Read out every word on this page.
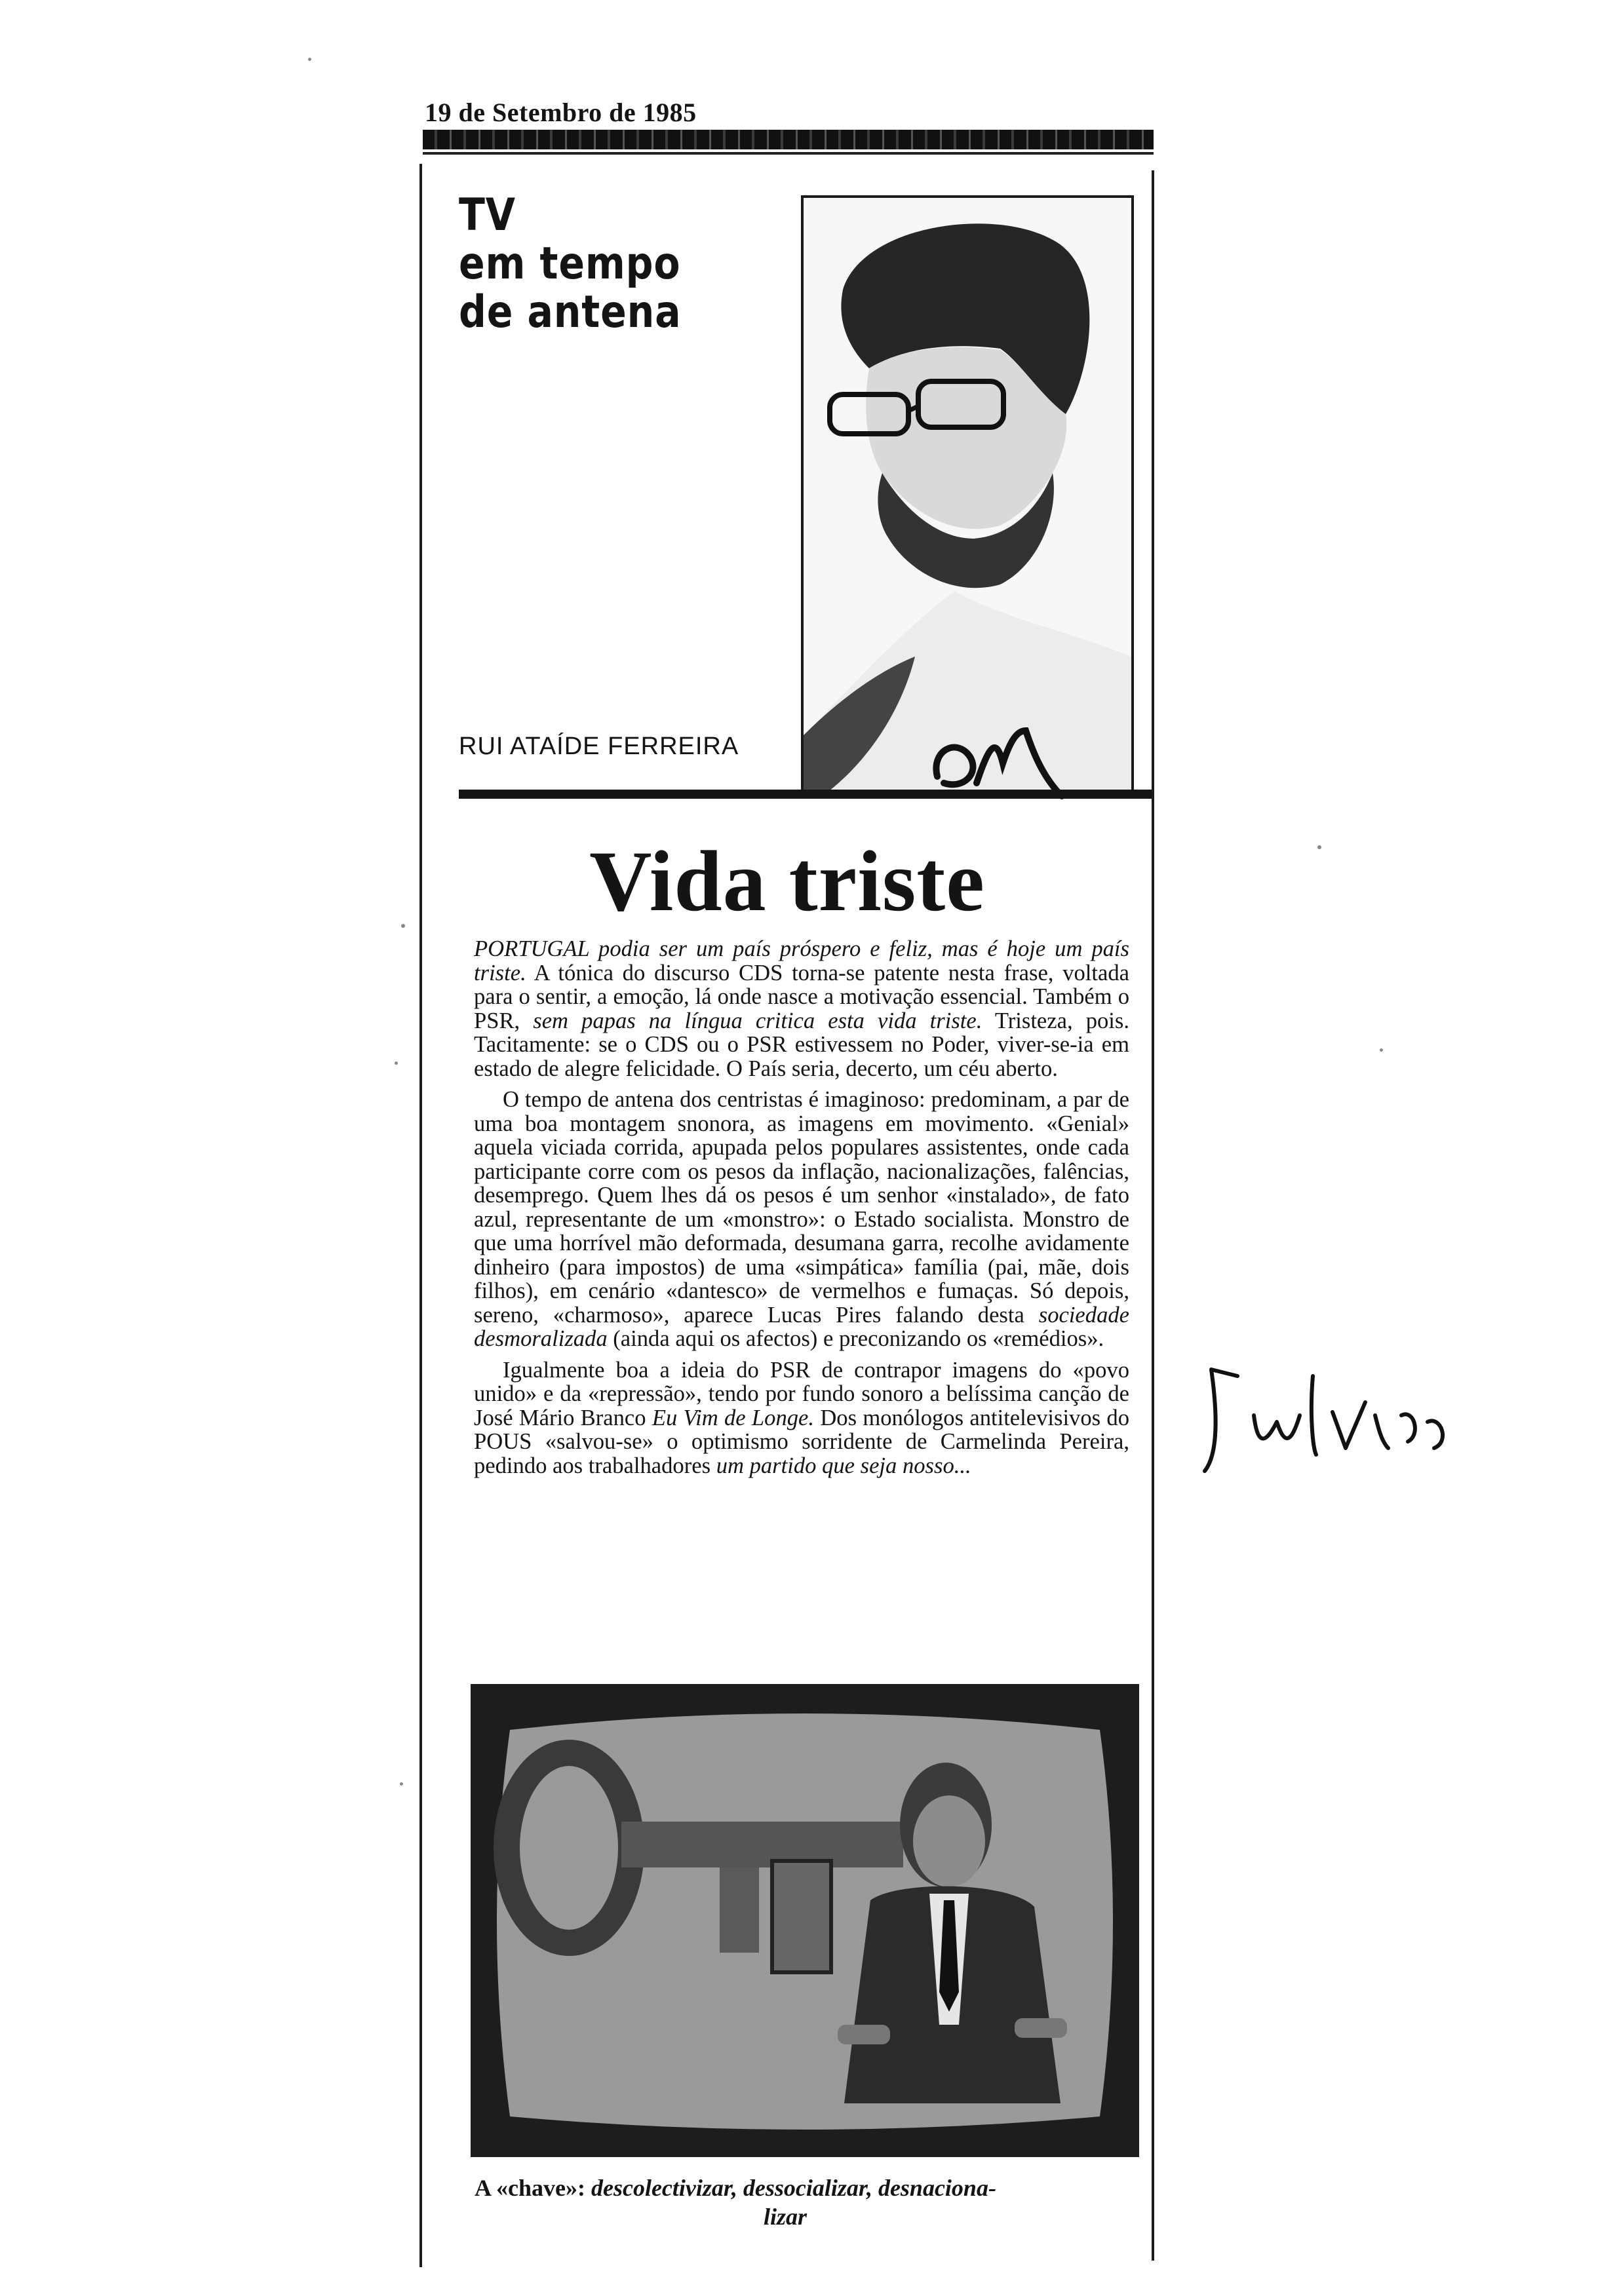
19 de Setembro de 1985
TV
em tempo
de antena
RUI ATAÍDE FERREIRA
Vida triste

PORTUGAL podia ser um país próspero e feliz, mas é hoje um país triste. A tónica do discurso CDS torna-se patente nesta frase, voltada para o sentir, a emoção, lá onde nasce a motivação essencial. Também o PSR, sem papas na língua critica esta vida triste. Tristeza, pois. Tacitamente: se o CDS ou o PSR estivessem no Poder, viver-se-ia em estado de alegre felicidade. O País seria, decerto, um céu aberto.

O tempo de antena dos centristas é imaginoso: predominam, a par de uma boa montagem snonora, as imagens em movimento. «Genial» aquela viciada corrida, apupada pelos populares assistentes, onde cada participante corre com os pesos da inflação, nacionalizações, falências, desemprego. Quem lhes dá os pesos é um senhor «instalado», de fato azul, representante de um «monstro»: o Estado socialista. Monstro de que uma horrível mão deformada, desumana garra, recolhe avidamente dinheiro (para impostos) de uma «simpática» família (pai, mãe, dois filhos), em cenário «dantesco» de vermelhos e fumaças. Só depois, sereno, «charmoso», aparece Lucas Pires falando desta sociedade desmoralizada (ainda aqui os afectos) e preconizando os «remédios».

Igualmente boa a ideia do PSR de contrapor imagens do «povo unido» e da «repressão», tendo por fundo sonoro a belíssima canção de José Mário Branco Eu Vim de Longe. Dos monólogos antitelevisivos do POUS «salvou-se» o optimismo sorridente de Carmelinda Pereira, pedindo aos trabalhadores um partido que seja nosso...

A «chave»: descolectivizar, dessocializar, desnaciona-
lizar
